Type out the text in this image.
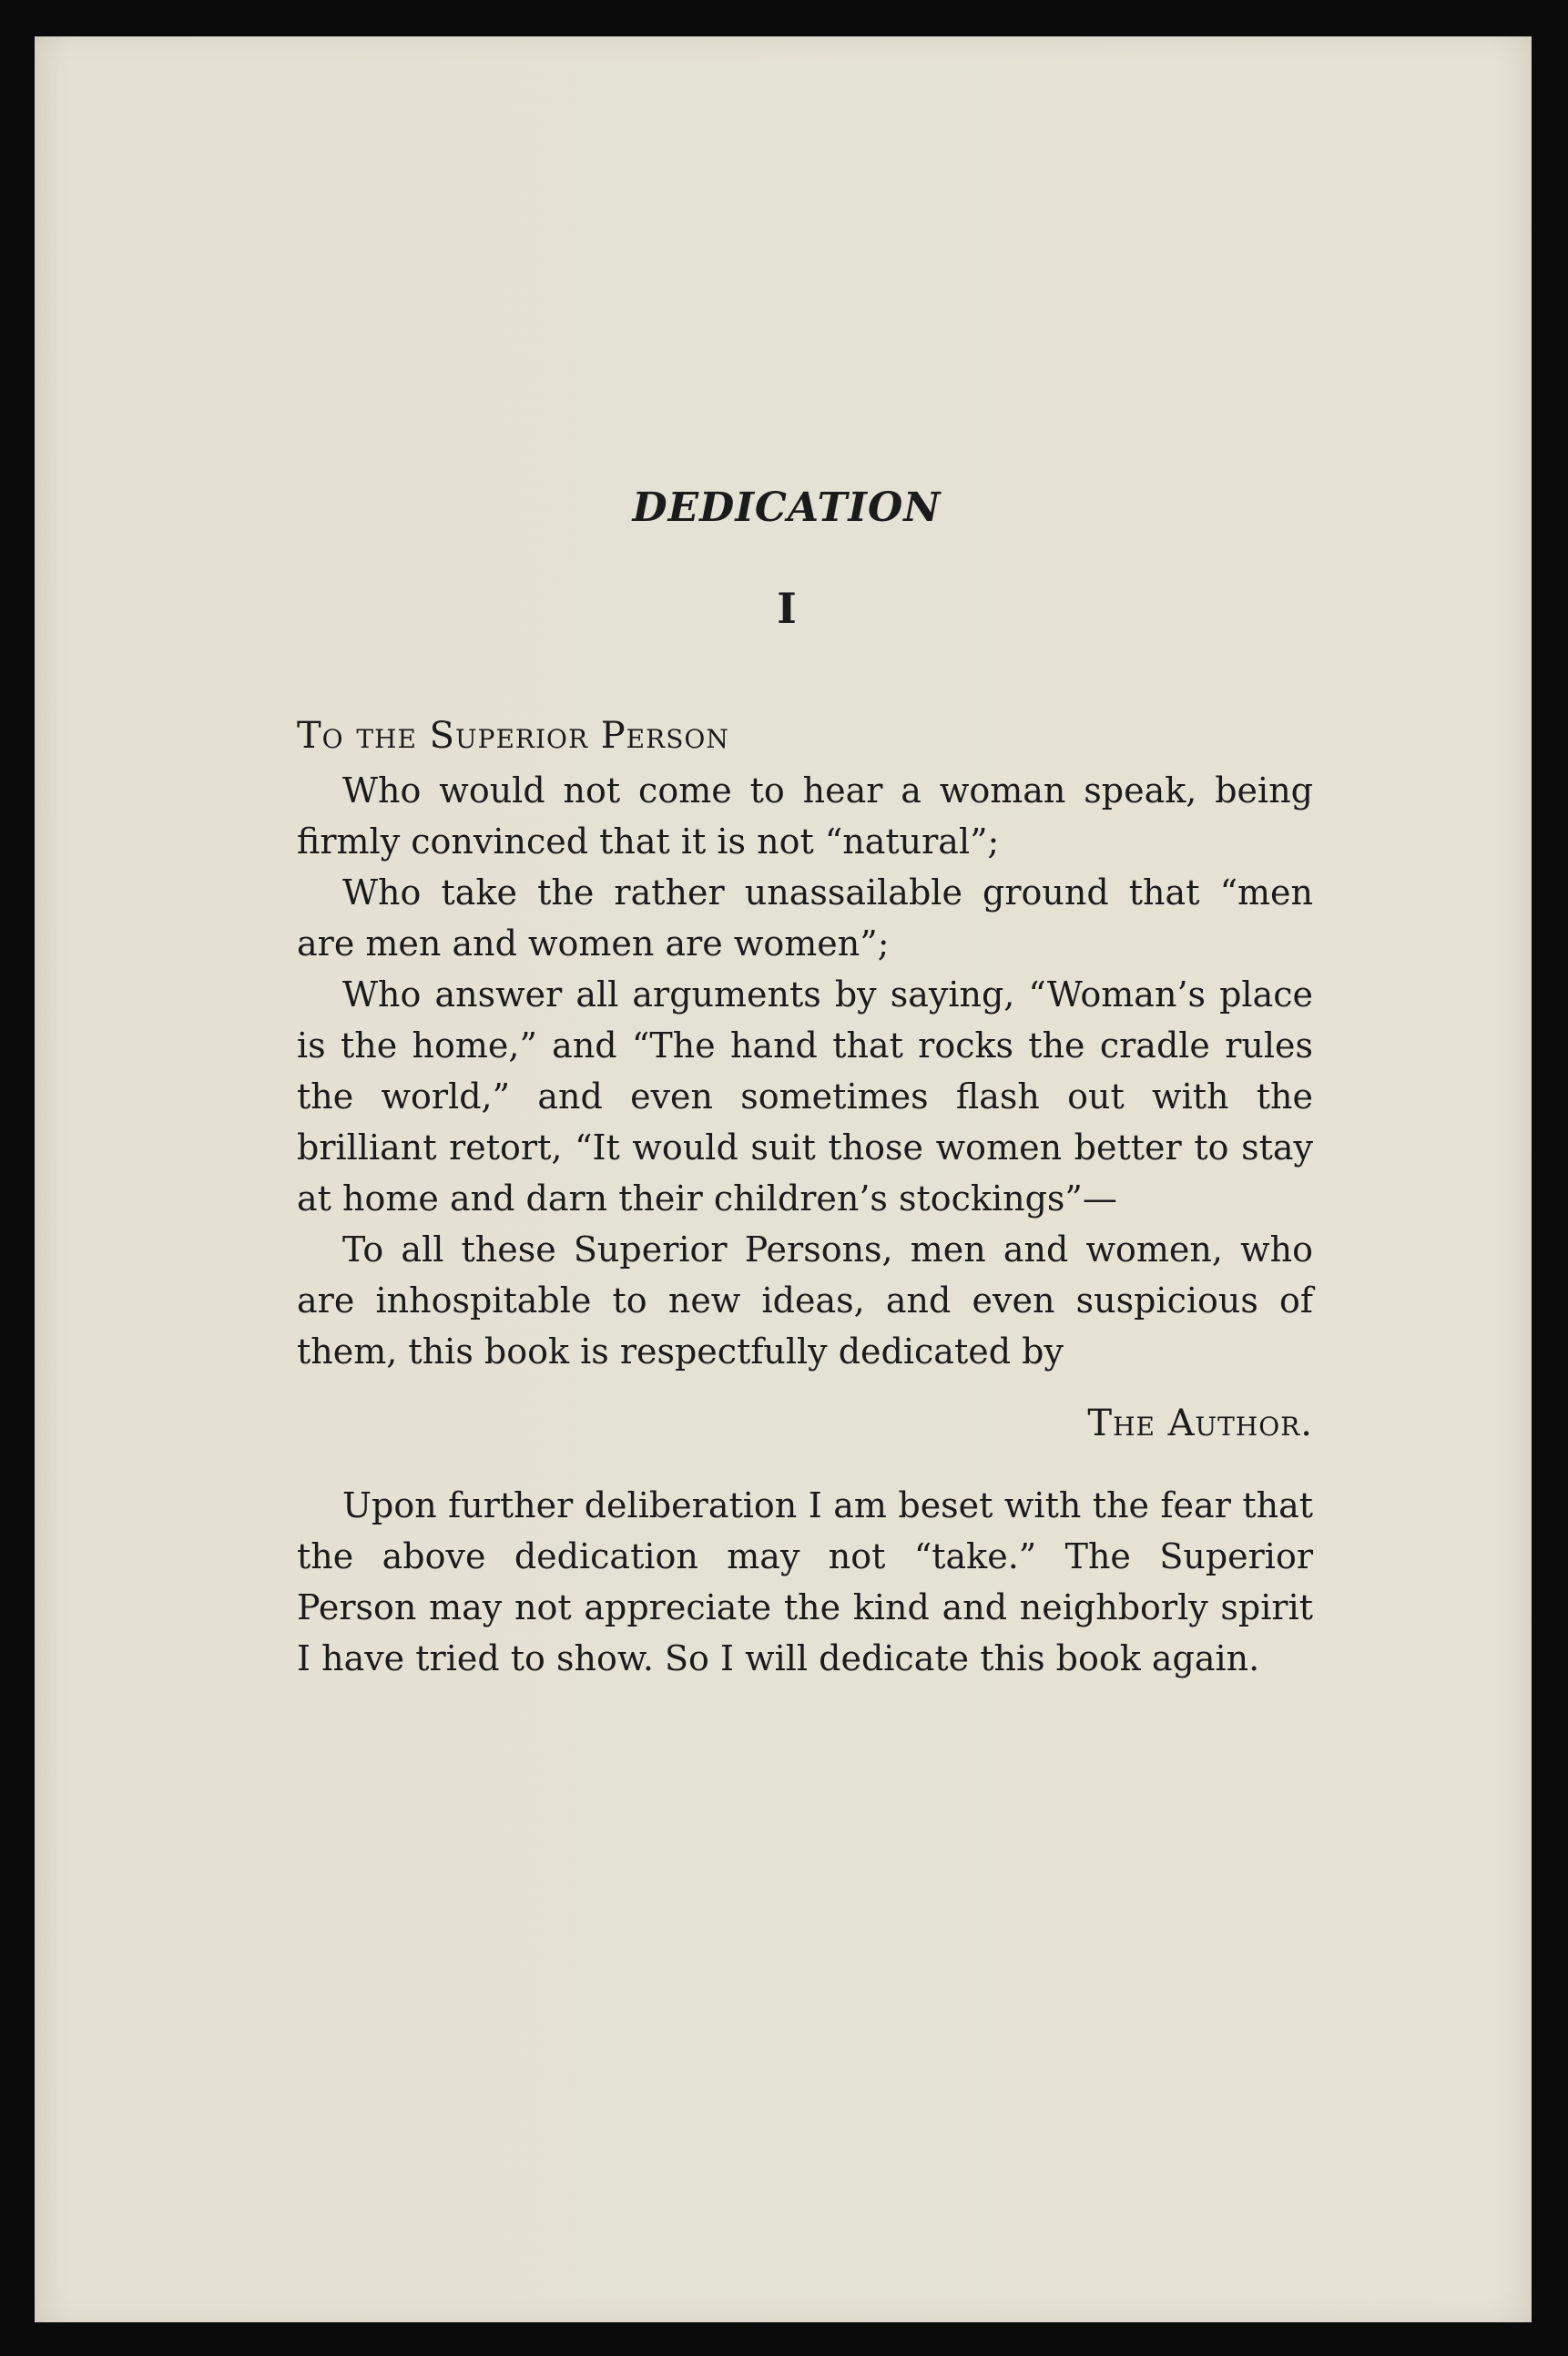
DEDICATION
I
To the Superior Person

Who would not come to hear a woman speak, being firmly convinced that it is not “natural”;

Who take the rather unassailable ground that “men are men and women are women”;

Who answer all arguments by saying, “Woman’s place is the home,” and “The hand that rocks the cradle rules the world,” and even sometimes flash out with the brilliant retort, “It would suit those women better to stay at home and darn their children’s stockings”—

To all these Superior Persons, men and women, who are inhospitable to new ideas, and even suspicious of them, this book is respectfully dedicated by

The Author.

Upon further deliberation I am beset with the fear that the above dedication may not “take.” The Superior Person may not appreciate the kind and neighborly spirit I have tried to show. So I will dedicate this book again.
